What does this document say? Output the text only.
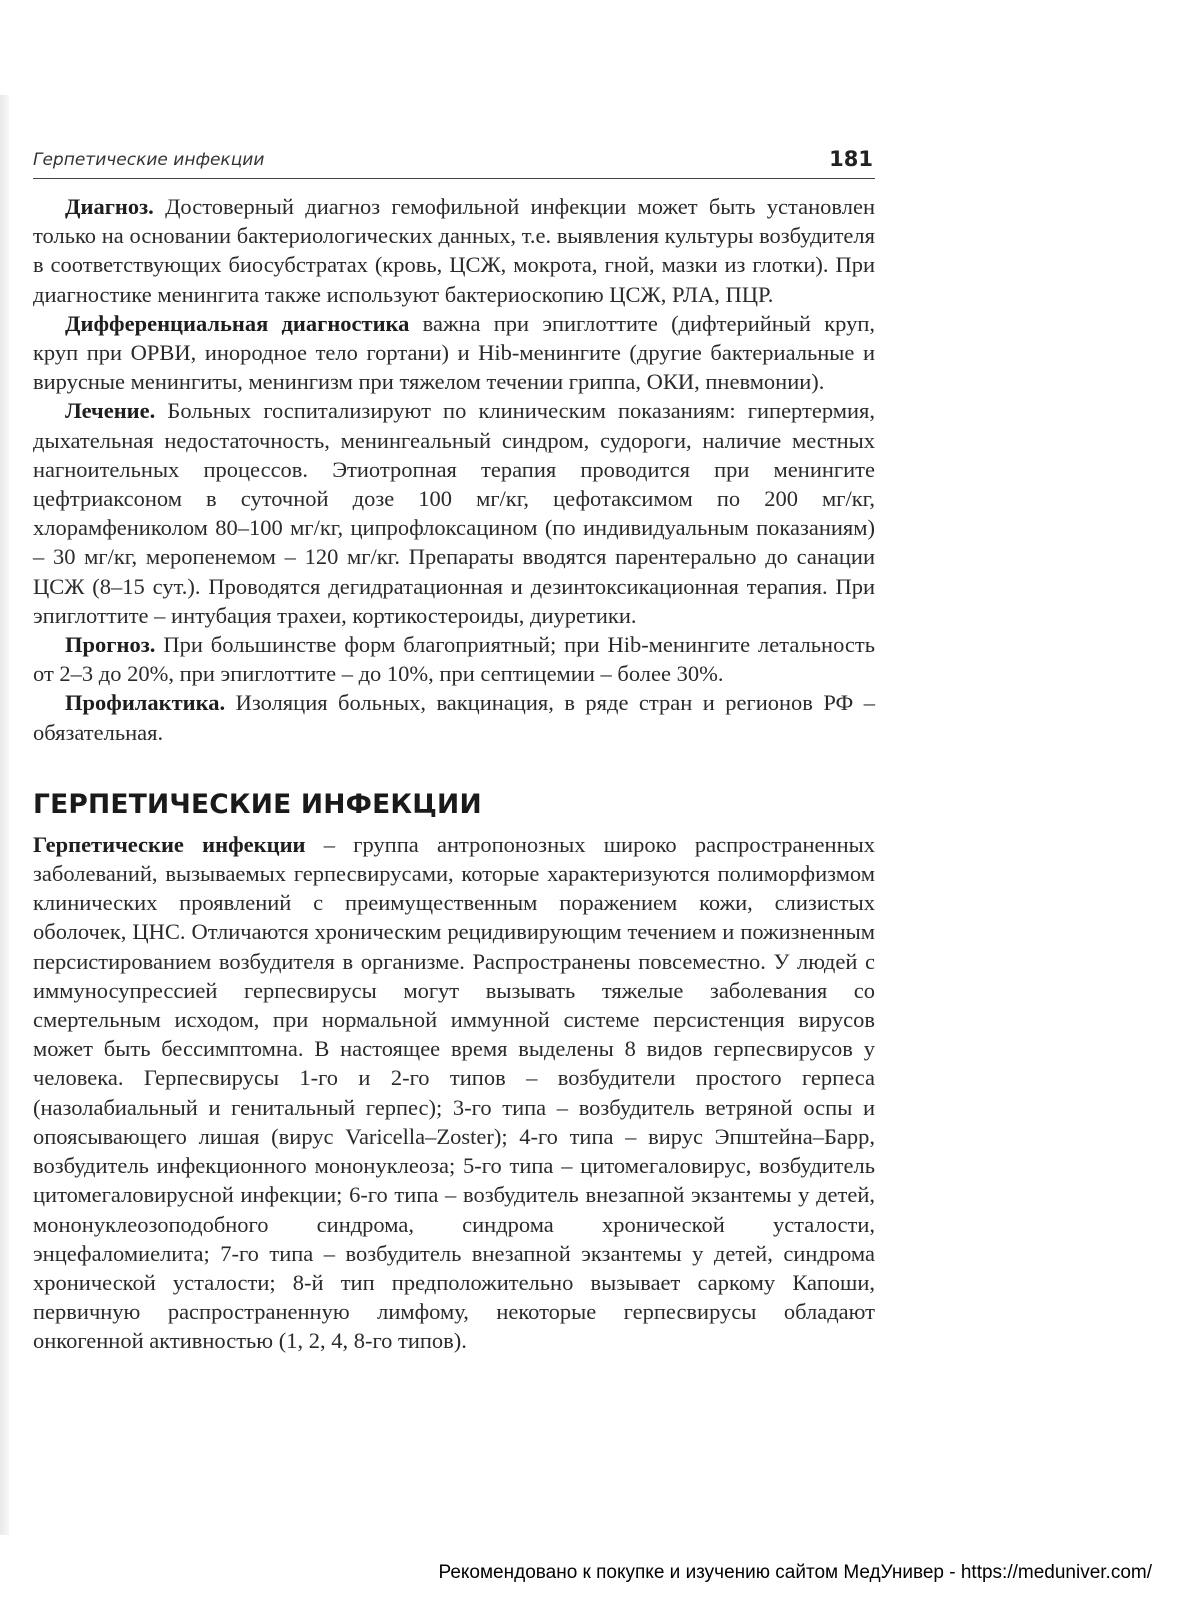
Герпетические инфекции	181

Диагноз. Достоверный диагноз гемофильной инфекции может быть установлен только на основании бактериологических данных, т.е. выявления культуры возбудителя в соответствующих биосубстратах (кровь, ЦСЖ, мокрота, гной, мазки из глотки). При диагностике менингита также используют бактериоскопию ЦСЖ, РЛА, ПЦР.

Дифференциальная диагностика важна при эпиглоттите (дифтерийный круп, круп при ОРВИ, инородное тело гортани) и Hib-менингите (другие бактериальные и вирусные менингиты, менингизм при тяжелом течении гриппа, ОКИ, пневмонии).

Лечение. Больных госпитализируют по клиническим показаниям: гипертермия, дыхательная недостаточность, менингеальный синдром, судороги, наличие местных нагноительных процессов. Этиотропная терапия проводится при менингите цефтриаксоном в суточной дозе 100 мг/кг, цефотаксимом по 200 мг/кг, хлорамфениколом 80–100 мг/кг, ципрофлоксацином (по индивидуальным показаниям) – 30 мг/кг, меропенемом – 120 мг/кг. Препараты вводятся парентерально до санации ЦСЖ (8–15 сут.). Проводятся дегидратационная и дезинтоксикационная терапия. При эпиглоттите – интубация трахеи, кортикостероиды, диуретики.

Прогноз. При большинстве форм благоприятный; при Hib-менингите летальность от 2–3 до 20%, при эпиглоттите – до 10%, при септицемии – более 30%.

Профилактика. Изоляция больных, вакцинация, в ряде стран и регионов РФ – обязательная.

ГЕРПЕТИЧЕСКИЕ ИНФЕКЦИИ

Герпетические инфекции – группа антропонозных широко распространенных заболеваний, вызываемых герпесвирусами, которые характеризуются полиморфизмом клинических проявлений с преимущественным поражением кожи, слизистых оболочек, ЦНС. Отличаются хроническим рецидивирующим течением и пожизненным персистированием возбудителя в организме. Распространены повсеместно. У людей с иммуносупрессией герпесвирусы могут вызывать тяжелые заболевания со смертельным исходом, при нормальной иммунной системе персистенция вирусов может быть бессимптомна. В настоящее время выделены 8 видов герпесвирусов у человека. Герпесвирусы 1-го и 2-го типов – возбудители простого герпеса (назолабиальный и генитальный герпес); 3-го типа – возбудитель ветряной оспы и опоясывающего лишая (вирус Varicella–Zoster); 4-го типа – вирус Эпштейна–Барр, возбудитель инфекционного мононуклеоза; 5-го типа – цитомегаловирус, возбудитель цитомегаловирусной инфекции; 6-го типа – возбудитель внезапной экзантемы у детей, мононуклеозоподобного синдрома, синдрома хронической усталости, энцефаломиелита; 7-го типа – возбудитель внезапной экзантемы у детей, синдрома хронической усталости; 8-й тип предположительно вызывает саркому Капоши, первичную распространенную лимфому, некоторые герпесвирусы обладают онкогенной активностью (1, 2, 4, 8-го типов).

Рекомендовано к покупке и изучению сайтом МедУнивер - https://meduniver.com/
